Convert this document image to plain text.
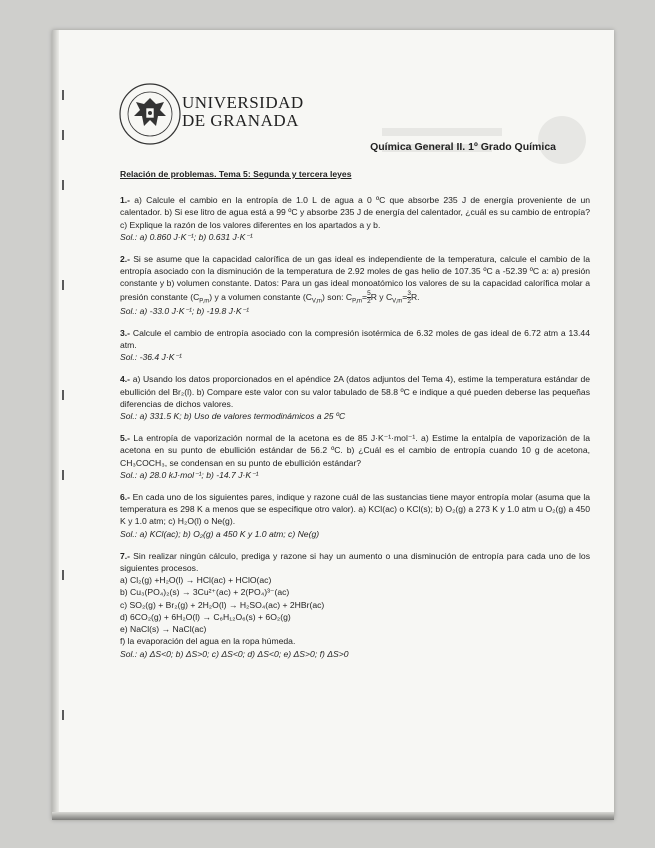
UNIVERSIDAD
DE GRANADA
Química General II. 1º Grado Química
Relación de problemas. Tema 5: Segunda y tercera leyes

1.- a) Calcule el cambio en la entropía de 1.0 L de agua a 0 ºC que absorbe 235 J de energía proveniente de un calentador. b) Si ese litro de agua está a 99 ºC y absorbe 235 J de energía del calentador, ¿cuál es su cambio de entropía? c) Explique la razón de los valores diferentes en los apartados a y b.

Sol.: a) 0.860 J·K⁻¹; b) 0.631 J·K⁻¹

2.- Si se asume que la capacidad calorífica de un gas ideal es independiente de la temperatura, calcule el cambio de la entropía asociado con la disminución de la temperatura de 2.92 moles de gas helio de 107.35 ºC a -52.39 ºC a: a) presión constante y b) volumen constante. Datos: Para un gas ideal monoatómico los valores de su la capacidad calorífica molar a presión constante $(C_{P,m})$ y a volumen constante $(C_{V,m})$ son: $C_{P,m}= \frac{5}{2}$ R y $C_{V,m}= \frac{3}{2} R$.

Sol.: a) -33.0 J·K⁻¹; b) -19.8 J·K⁻¹

3.- Calcule el cambio de entropía asociado con la compresión isotérmica de 6.32 moles de gas ideal de 6.72 atm a 13.44 atm.

Sol.: -36.4 J·K⁻¹

4.- a) Usando los datos proporcionados en el apéndice 2A (datos adjuntos del Tema 4), estime la temperatura estándar de ebullición del Br₂(l). b) Compare este valor con su valor tabulado de 58.8 ºC e indique a qué pueden deberse las pequeñas diferencias de dichos valores.

Sol.: a) 331.5 K; b) Uso de valores termodinámicos a 25 ºC

5.- La entropía de vaporización normal de la acetona es de 85 J·K⁻¹·mol⁻¹. a) Estime la entalpía de vaporización de la acetona en su punto de ebullición estándar de 56.2 ºC. b) ¿Cuál es el cambio de entropía cuando 10 g de acetona, CH₃COCH₃, se condensan en su punto de ebullición estándar?

Sol.: a) 28.0 kJ·mol⁻¹; b) -14.7 J·K⁻¹

6.- En cada uno de los siguientes pares, indique y razone cuál de las sustancias tiene mayor entropía molar (asuma que la temperatura es 298 K a menos que se especifique otro valor). a) KCl(ac) o KCl(s); b) O₂(g) a 273 K y 1.0 atm u O₂(g) a 450 K y 1.0 atm; c) H₂O(l) o Ne(g).

Sol.: a) KCl(ac); b) O₂(g) a 450 K y 1.0 atm; c) Ne(g)

7.- Sin realizar ningún cálculo, prediga y razone si hay un aumento o una disminución de entropía para cada uno de los siguientes procesos.

a) Cl₂(g) +H₂O(l) → HCl(ac) + HClO(ac)
b) Cu₃(PO₄)₂(s) → 3Cu²⁺(ac) + 2(PO₄)³⁻(ac)
c) SO₂(g) + Br₂(g) + 2H₂O(l) → H₂SO₄(ac) + 2HBr(ac)
d) 6CO₂(g) + 6H₂O(l) → C₆H₁₂O₆(s) + 6O₂(g)
e) NaCl(s) → NaCl(ac)
f) la evaporación del agua en la ropa húmeda.

Sol.: a) ΔS<0; b) ΔS>0; c) ΔS<0; d) ΔS<0; e) ΔS>0; f) ΔS>0
